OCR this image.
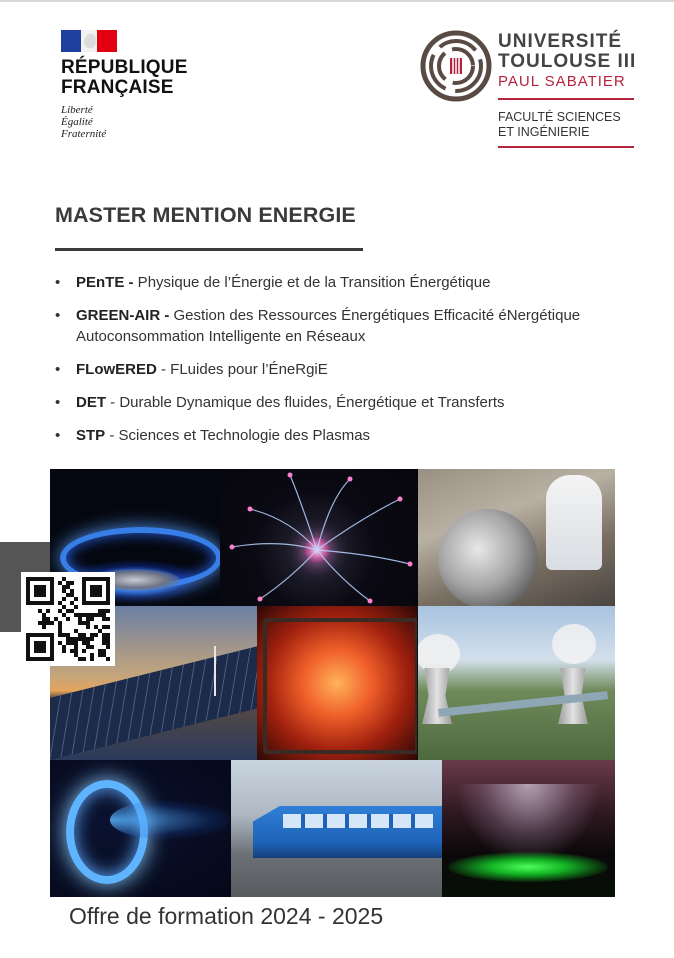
RÉPUBLIQUE
FRANÇAISE
Liberté
Égalité
Fraternité
UNIVERSITÉ
TOULOUSE III
PAUL SABATIER
FACULTÉ SCIENCES
ET INGÉNIERIE
MASTER MENTION ENERGIE
• PEnTE - Physique de l’Énergie et de la Transition Énergétique
• GREEN-AIR - Gestion des Ressources Énergétiques Efficacité éNergétique Autoconsommation Intelligente en Réseaux
• FLowERED - FLuides pour l’ÉneRgiE
• DET - Durable Dynamique des fluides, Énergétique et Transferts
• STP - Sciences et Technologie des Plasmas
Offre de formation 2024 - 2025
